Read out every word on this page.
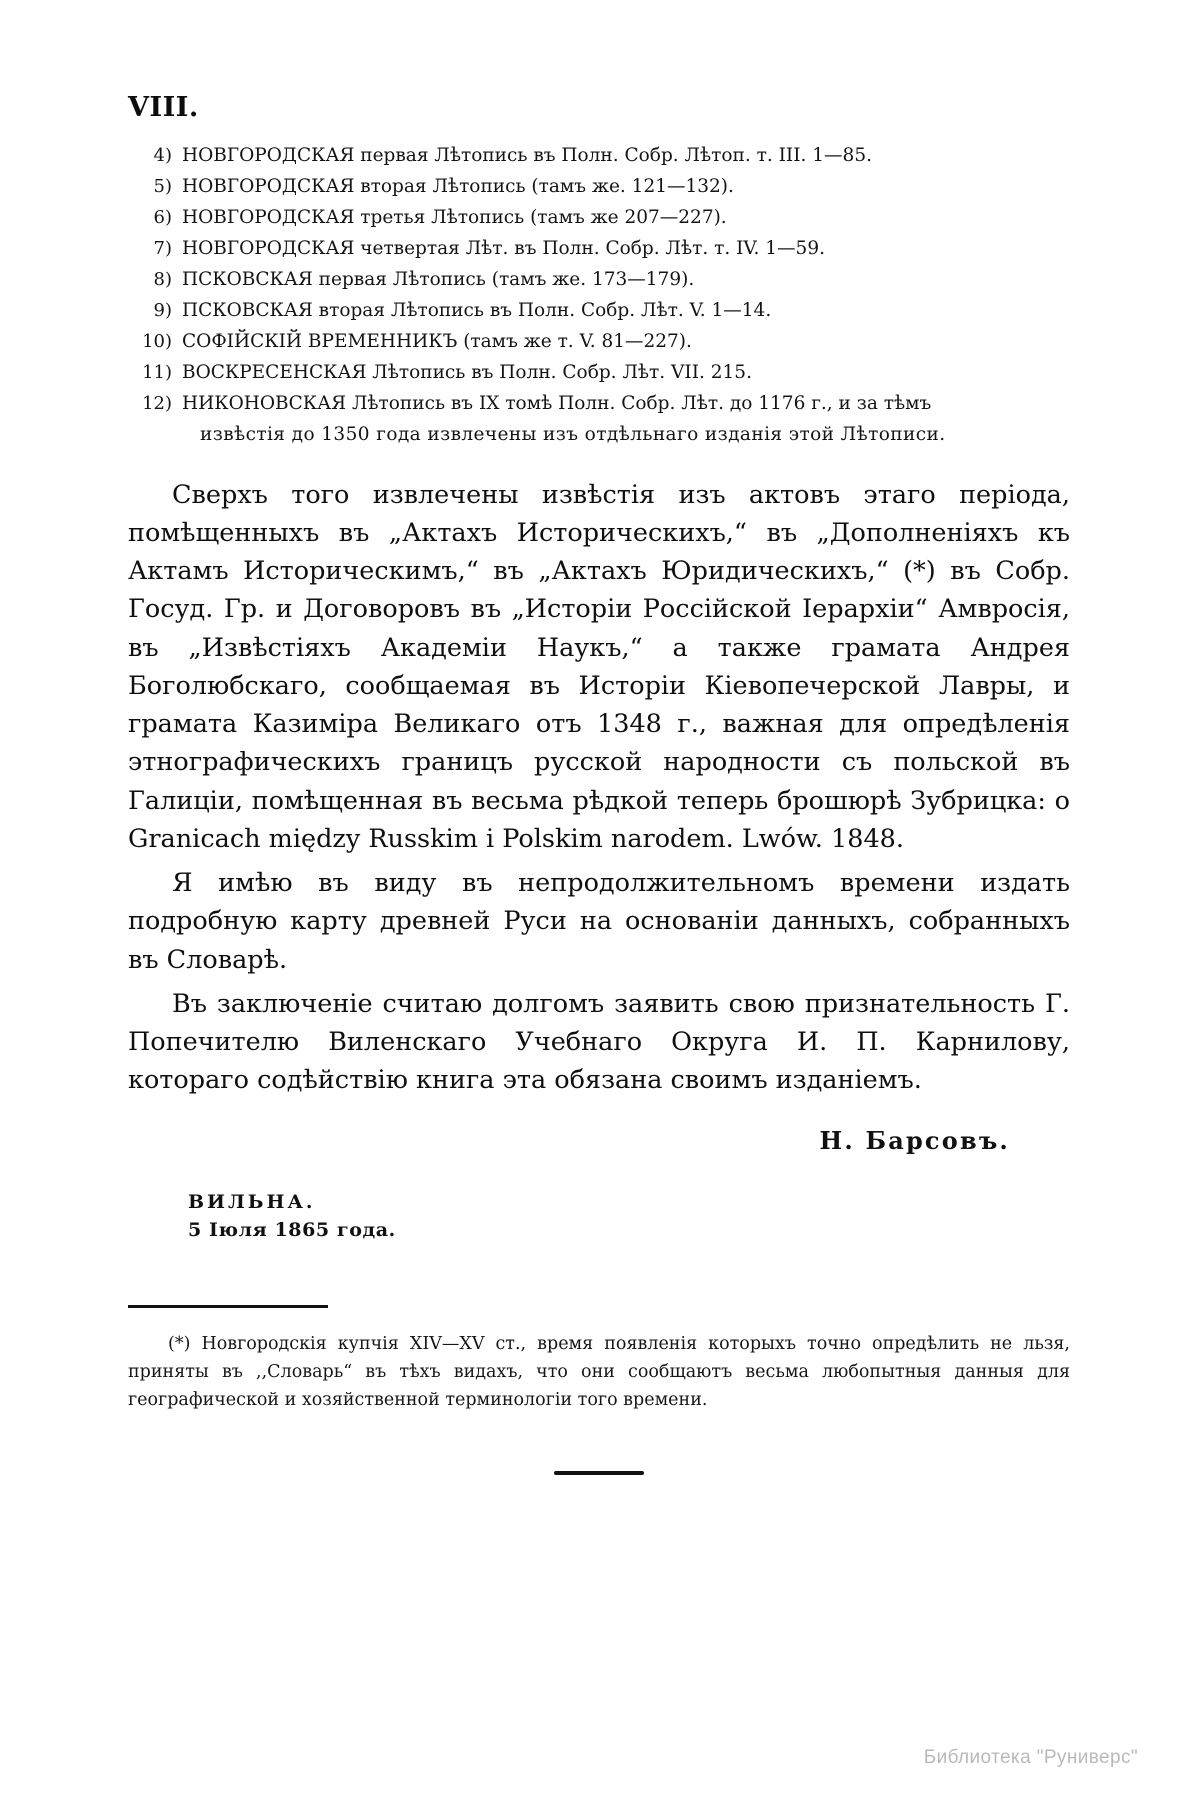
VIII.
4) НОВГОРОДСКАЯ первая Лѣтопись въ Полн. Собр. Лѣтоп. т. III. 1—85.
5) НОВГОРОДСКАЯ вторая Лѣтопись (тамъ же. 121—132).
6) НОВГОРОДСКАЯ третья Лѣтопись (тамъ же 207—227).
7) НОВГОРОДСКАЯ четвертая Лѣт. въ Полн. Собр. Лѣт. т. IV. 1—59.
8) ПСКОВСКАЯ первая Лѣтопись (тамъ же. 173—179).
9) ПСКОВСКАЯ вторая Лѣтопись въ Полн. Собр. Лѣт. V. 1—14.
10) СОФІЙСКІЙ ВРЕМЕННИКЪ (тамъ же т. V. 81—227).
11) ВОСКРЕСЕНСКАЯ Лѣтопись въ Полн. Собр. Лѣт. VII. 215.
12) НИКОНОВСКАЯ Лѣтопись въ IX томѣ Полн. Собр. Лѣт. до 1176 г., и за тѣмъ
извѣстія до 1350 года извлечены изъ отдѣльнаго изданія этой Лѣтописи.

Сверхъ того извлечены извѣстія изъ актовъ этаго періода, помѣщенныхъ въ „Актахъ Историческихъ,“ въ „Дополненіяхъ къ Актамъ Историческимъ,“ въ „Актахъ Юридическихъ,“ (*) въ Собр. Госуд. Гр. и Договоровъ въ „Исторіи Россійской Іерархіи“ Амвросія, въ „Извѣстіяхъ Академіи Наукъ,“ а также грамата Андрея Боголюбскаго, сообщаемая въ Исторіи Кіевопечерской Лавры, и грамата Казиміра Великаго отъ 1348 г., важная для опредѣленія этнографическихъ границъ русской народности съ польской въ Галиціи, помѣщенная въ весьма рѣдкой теперь брошюрѣ Зубрицка: o Granicach między Russkim i Polskim narodem. Lwów. 1848.

Я имѣю въ виду въ непродолжительномъ времени издать подробную карту древней Руси на основаніи данныхъ, собранныхъ въ Словарѣ.

Въ заключеніе считаю долгомъ заявить свою признательность Г. Попечителю Виленскаго Учебнаго Округа И. П. Карнилову, котораго содѣйствію книга эта обязана своимъ изданіемъ.

Н. Барсовъ.
ВИЛЬНА.
5 Іюля 1865 года.

(*) Новгородскія купчія XIV—XV ст., время появленія которыхъ точно опредѣлить не льзя, приняты въ ,,Словарь“ въ тѣхъ видахъ, что они сообщаютъ весьма любопытныя данныя для географической и хозяйственной терминологіи того времени.

Библиотека "Руниверс"
